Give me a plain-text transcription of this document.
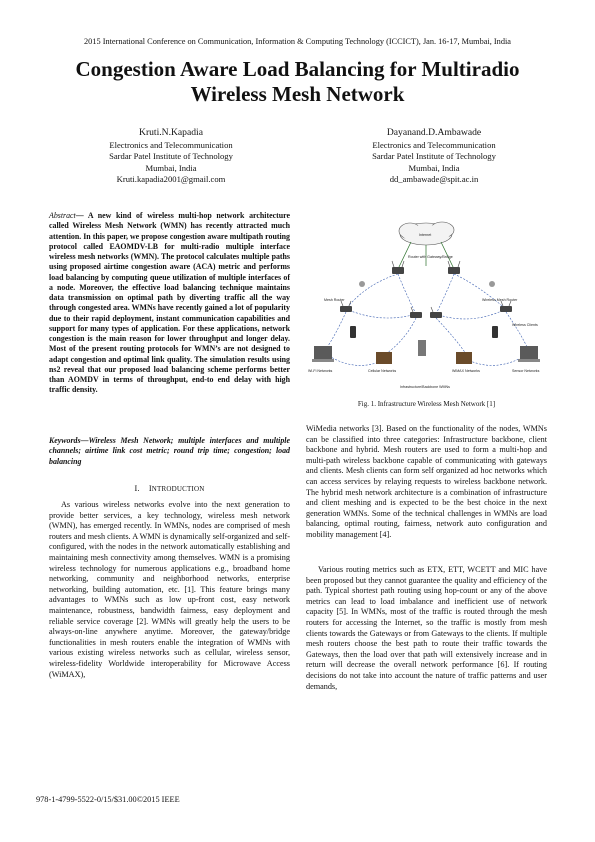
2015 International Conference on Communication, Information & Computing Technology (ICCICT), Jan. 16-17, Mumbai, India
Congestion Aware Load Balancing for Multiradio
Wireless Mesh Network
Kruti.N.Kapadia
Electronics and Telecommunication
Sardar Patel Institute of Technology
Mumbai, India
Kruti.kapadia2001@gmail.com
Dayanand.D.Ambawade
Electronics and Telecommunication
Sardar Patel Institute of Technology
Mumbai, India
dd_ambawade@spit.ac.in
Abstract— A new kind of wireless multi-hop network architecture called Wireless Mesh Network (WMN) has recently attracted much attention. In this paper, we propose congestion aware multipath routing protocol called EAOMDV-LB for multi-radio multiple interface wireless mesh networks (WMN). The protocol calculates multiple paths using proposed airtime congestion aware (ACA) metric and performs load balancing by computing queue utilization of multiple interfaces of a node. Moreover, the effective load balancing technique maintains data transmission on optimal path by diverting traffic all the way through congested area. WMNs have recently gained a lot of popularity due to their rapid deployment, instant communication capabilities and support for many types of application. For these applications, network congestion is the main reason for lower throughput and longer delay. Most of the present routing protocols for WMN’s are not designed to adapt congestion and optimal link quality. The simulation results using ns2 reveal that our proposed load balancing scheme performs better than AOMDV in terms of throughput, end-to end delay with high traffic density.
Keywords—Wireless Mesh Network; multiple interfaces and multiple channels; airtime link cost metric; round trip time; congestion; load balancing
I. INTRODUCTION
As various wireless networks evolve into the next generation to provide better services, a key technology, wireless mesh network (WMN), has emerged recently. In WMNs, nodes are comprised of mesh routers and mesh clients. A WMN is dynamically self-organized and self-configured, with the nodes in the network automatically establishing and maintaining mesh connectivity among themselves. WMN is a promising wireless technology for numerous applications e.g., broadband home networking, community and neighborhood networks, enterprise networking, building automation, etc. [1]. This feature brings many advantages to WMNs such as low up-front cost, easy network maintenance, robustness, bandwidth fairness, easy deployment and reliable service coverage [2]. WMNs will greatly help the users to be always-on-line anywhere anytime. Moreover, the gateway/bridge functionalities in mesh routers enable the integration of WMNs with various existing wireless networks such as cellular, wireless sensor, wireless-fidelity Worldwide interoperability for Microwave Access (WiMAX),
Internet
Router with Gateway/Bridge
Mesh Router	Wireless Mesh Router
Wi-Fi Networks	Cellular Networks	WiMAX Networks	Sensor Networks
Wireless Clients
Infrastructure/Backbone WMNs
Fig. 1. Infrastructure Wireless Mesh Network [1]
WiMedia networks [3]. Based on the functionality of the nodes, WMNs can be classified into three categories: Infrastructure backbone, client backbone and hybrid. Mesh routers are used to form a multi-hop and multi-path wireless backbone capable of communicating with gateways and clients. Mesh clients can form self organized ad hoc networks which can access services by relaying requests to wireless backbone network. The hybrid mesh network architecture is a combination of infrastructure and client meshing and is expected to be the best choice in the next generation WMNs. Some of the technical challenges in WMNs are load balancing, optimal routing, fairness, network auto configuration and mobility management [4].
Various routing metrics such as ETX, ETT, WCETT and MIC have been proposed but they cannot guarantee the quality and efficiency of the path. Typical shortest path routing using hop-count or any of the above metrics can lead to load imbalance and inefficient use of network capacity [5]. In WMNs, most of the traffic is routed through the mesh routers for accessing the Internet, so the traffic is mostly from mesh clients towards the Gateways or from Gateways to the clients. If multiple mesh routers choose the best path to route their traffic towards the Gateways, then the load over that path will extensively increase and in return will decrease the overall network performance [6]. If routing decisions do not take into account the nature of traffic patterns and user demands,
978-1-4799-5522-0/15/$31.00©2015 IEEE
